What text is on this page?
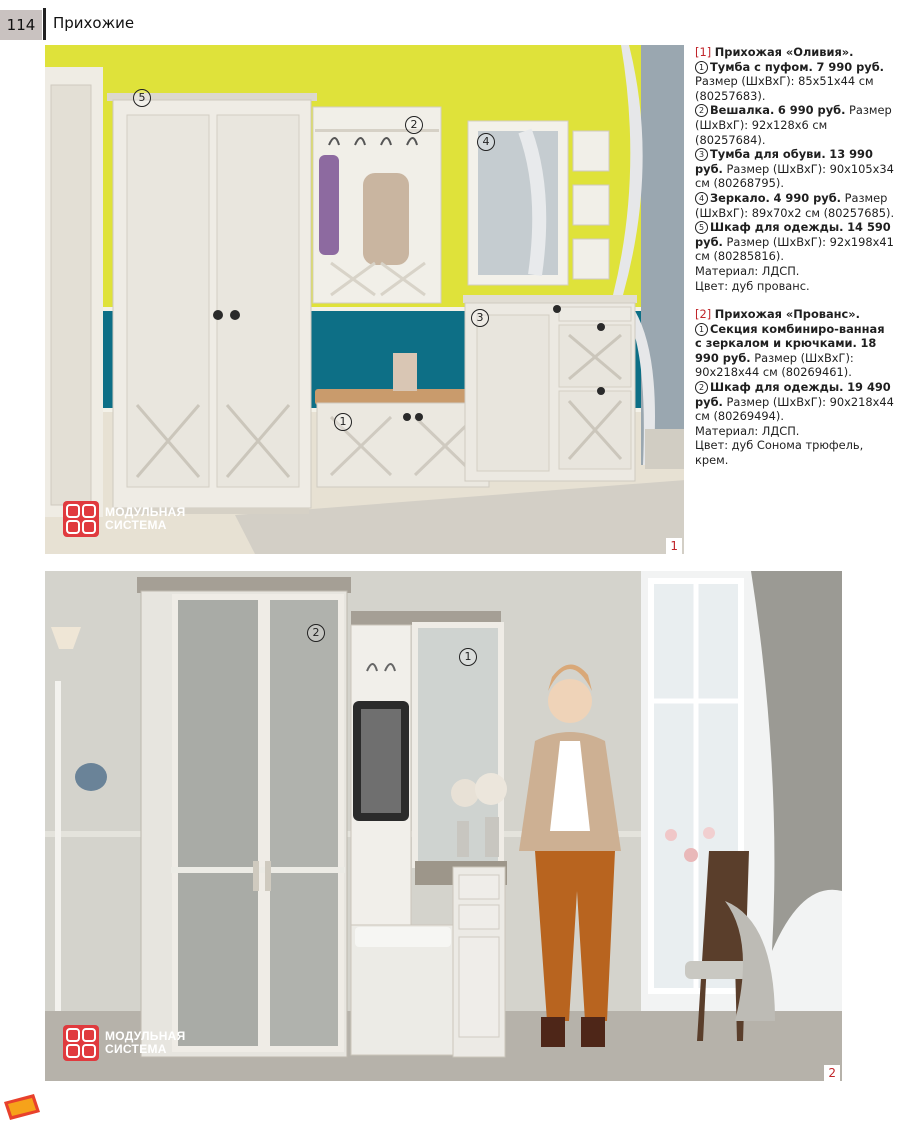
114	Прихожие
5
2
4
3
1
МОДУЛЬНАЯ
СИСТЕМА
1

[1] Прихожая «Оливия».

1 Тумба с пуфом. 7 990 руб. Размер (ШхВхГ): 85х51х44 см (80257683).

2 Вешалка. 6 990 руб. Размер (ШхВхГ): 92х128х6 см (80257684).

3 Тумба для обуви. 13 990 руб. Размер (ШхВхГ): 90х105х34 см (80268795).

4 Зеркало. 4 990 руб. Размер (ШхВхГ): 89х70х2 см (80257685).

5 Шкаф для одежды. 14 590 руб. Размер (ШхВхГ): 92х198х41 см (80285816).

Материал: ЛДСП.

Цвет: дуб прованс.

[2] Прихожая «Прованс».

1 Секция комбиниро-ванная с зеркалом и крючками. 18 990 руб. Размер (ШхВхГ): 90х218х44 см (80269461).

2 Шкаф для одежды. 19 490 руб. Размер (ШхВхГ): 90х218х44 см (80269494).

Материал: ЛДСП.

Цвет: дуб Сонома трюфель, крем.

2
1
МОДУЛЬНАЯ
СИСТЕМА
2
